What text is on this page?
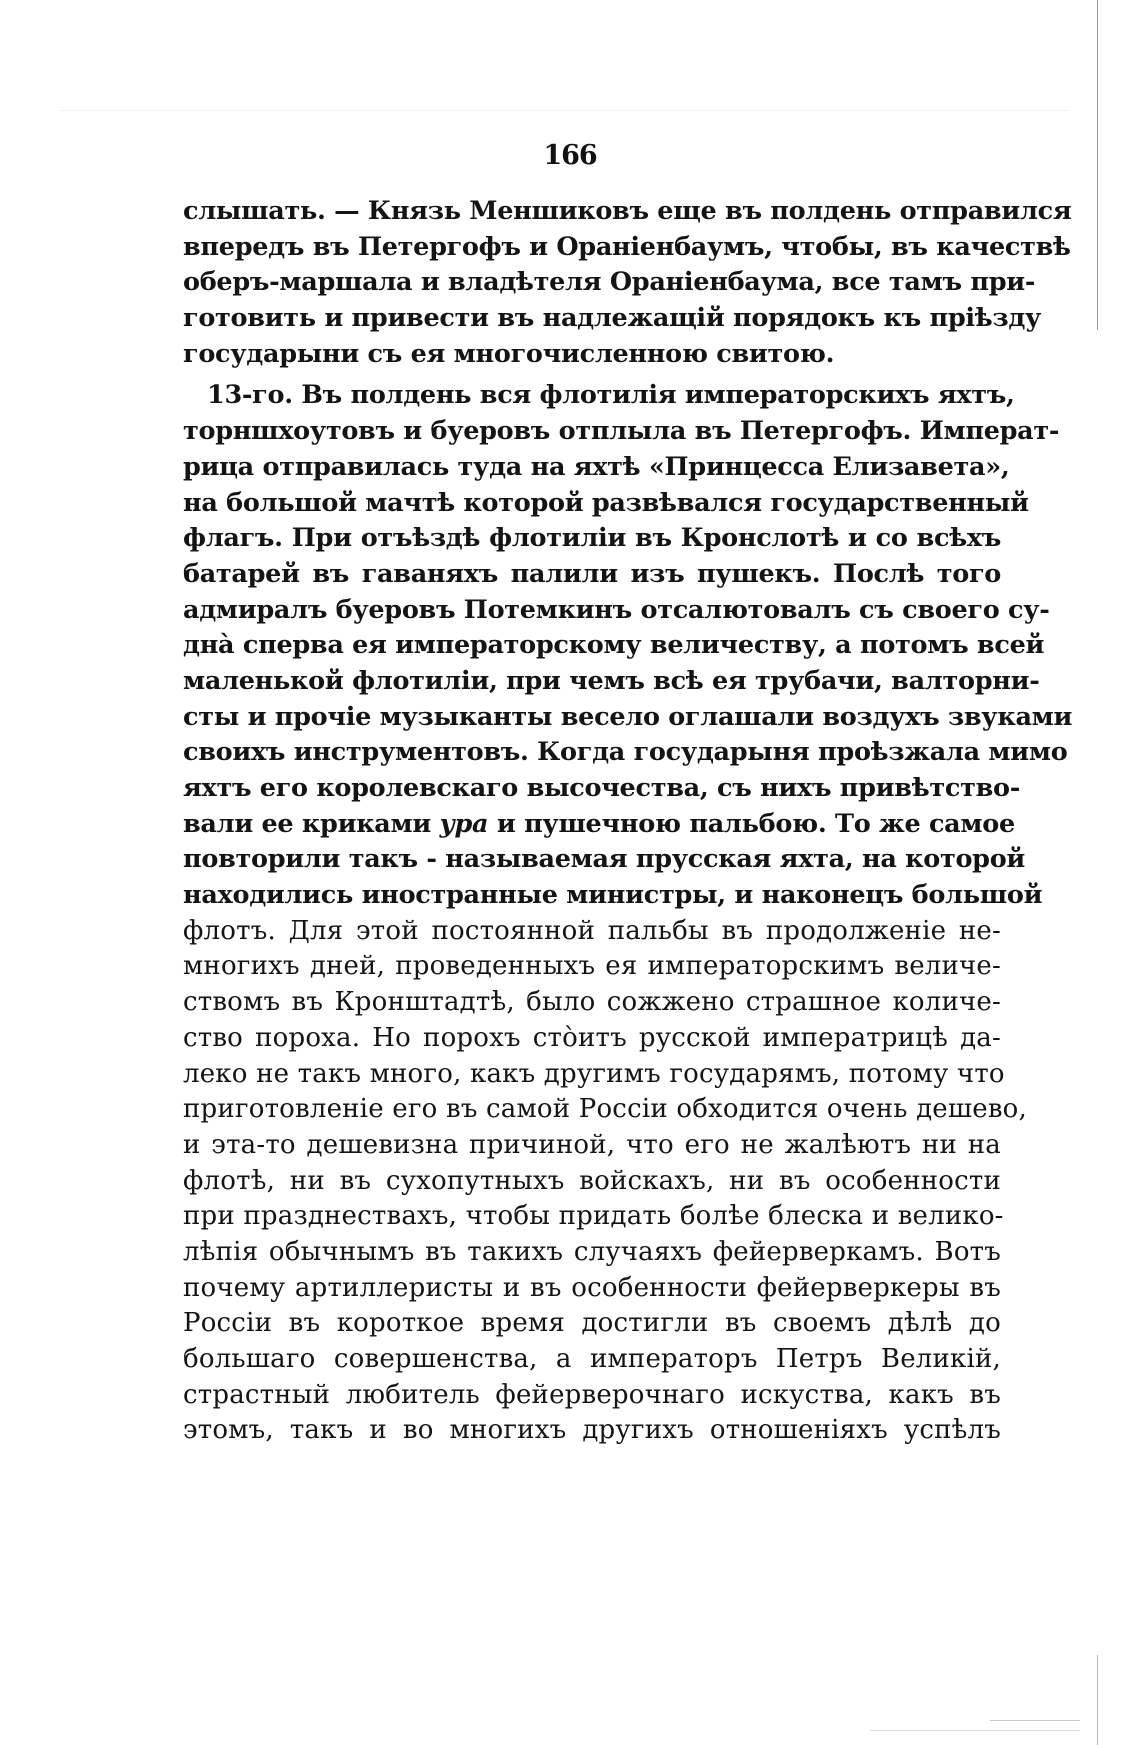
166
слышать. — Князь Меншиковъ еще въ полдень отправился
впередъ въ Петергофъ и Ораніенбаумъ, чтобы, въ качествѣ
оберъ-маршала и владѣтеля Ораніенбаума, все тамъ при-
готовить и привести въ надлежащій порядокъ къ пріѣзду
государыни съ ея многочисленною свитою.
13-го. Въ полдень вся флотилія императорскихъ яхтъ,
торншхоутовъ и буеровъ отплыла въ Петергофъ. Императ-
рица отправилась туда на яхтѣ «Принцесса Елизавета»,
на большой мачтѣ которой развѣвался государственный
флагъ. При отъѣздѣ флотиліи въ Кронслотѣ и со всѣхъ
батарей въ гаваняхъ палили изъ пушекъ. Послѣ того
адмиралъ буеровъ Потемкинъ отсалютовалъ съ своего су-
днà сперва ея императорскому величеству, а потомъ всей
маленькой флотиліи, при чемъ всѣ ея трубачи, валторни-
сты и прочіе музыканты весело оглашали воздухъ звуками
своихъ инструментовъ. Когда государыня проѣзжала мимо
яхтъ его королевскаго высочества, съ нихъ привѣтство-
вали ее криками ура и пушечною пальбою. То же самое
повторили такъ - называемая прусская яхта, на которой
находились иностранные министры, и наконецъ большой
флотъ. Для этой постоянной пальбы въ продолженіе не-
многихъ дней, проведенныхъ ея императорскимъ величе-
ствомъ въ Кронштадтѣ, было сожжено страшное количе-
ство пороха. Но порохъ стòитъ русской императрицѣ да-
леко не такъ много, какъ другимъ государямъ, потому что
приготовленіе его въ самой Россіи обходится очень дешево,
и эта-то дешевизна причиной, что его не жалѣютъ ни на
флотѣ, ни въ сухопутныхъ войскахъ, ни въ особенности
при празднествахъ, чтобы придать болѣе блеска и велико-
лѣпія обычнымъ въ такихъ случаяхъ фейерверкамъ. Вотъ
почему артиллеристы и въ особенности фейерверкеры въ
Россіи въ короткое время достигли въ своемъ дѣлѣ до
большаго совершенства, а императоръ Петръ Великій,
страстный любитель фейерверочнаго искуства, какъ въ
этомъ, такъ и во многихъ другихъ отношеніяхъ успѣлъ
